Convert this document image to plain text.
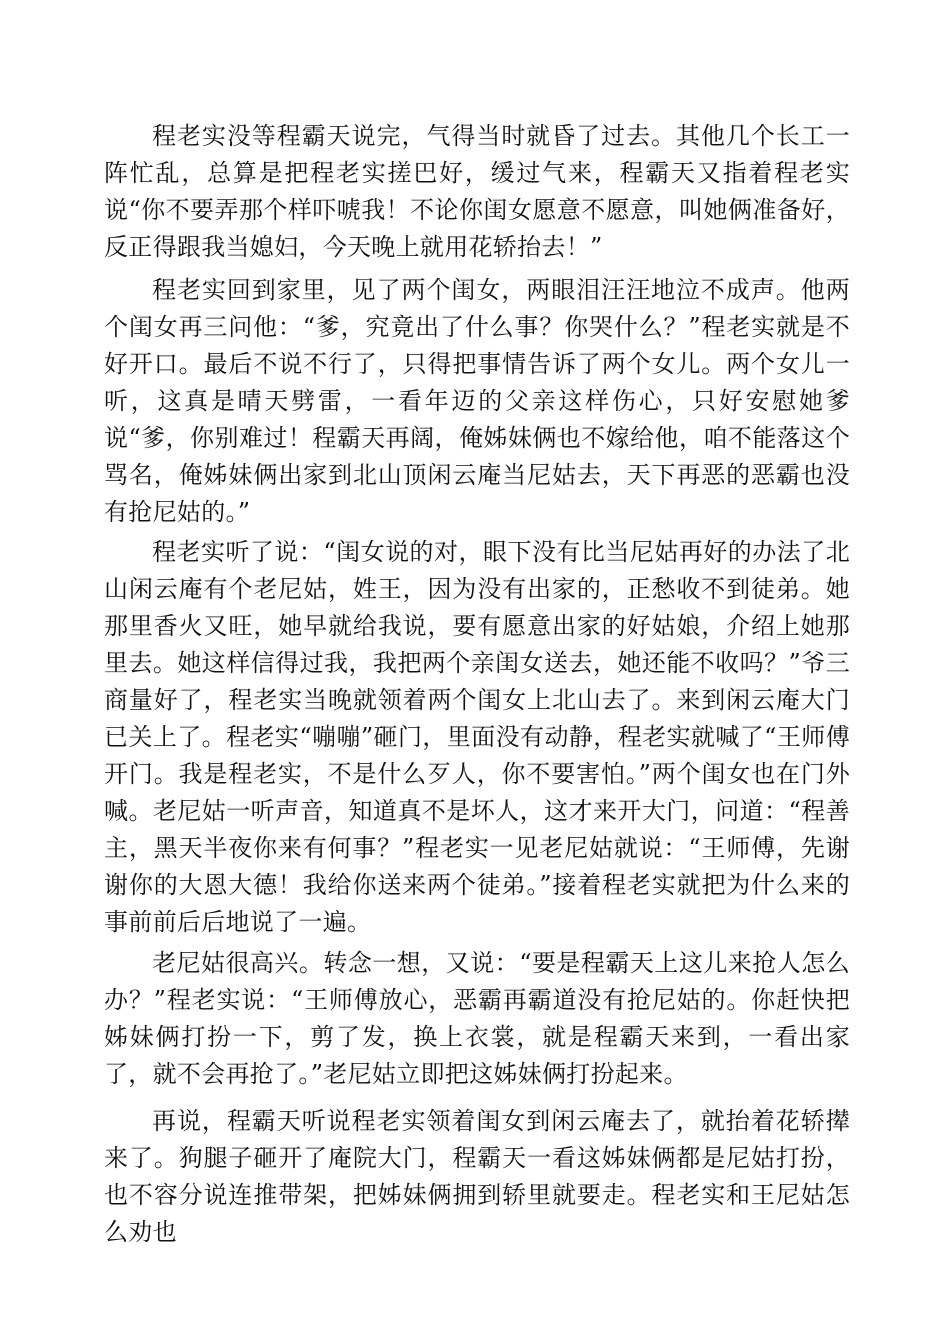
程老实没等程霸天说完，气得当时就昏了过去。其他几个长工一阵忙乱，总算是把程老实搓巴好，缓过气来，程霸天又指着程老实说“你不要弄那个样吓唬我！不论你闺女愿意不愿意，叫她俩准备好，反正得跟我当媳妇，今天晚上就用花轿抬去！”

程老实回到家里，见了两个闺女，两眼泪汪汪地泣不成声。他两个闺女再三问他：“爹，究竟出了什么事？你哭什么？”程老实就是不好开口。最后不说不行了，只得把事情告诉了两个女儿。两个女儿一听，这真是晴天劈雷，一看年迈的父亲这样伤心，只好安慰她爹说“爹，你别难过！程霸天再阔，俺姊妹俩也不嫁给他，咱不能落这个骂名，俺姊妹俩出家到北山顶闲云庵当尼姑去，天下再恶的恶霸也没有抢尼姑的。”

程老实听了说：“闺女说的对，眼下没有比当尼姑再好的办法了北山闲云庵有个老尼姑，姓王，因为没有出家的，正愁收不到徒弟。她那里香火又旺，她早就给我说，要有愿意出家的好姑娘，介绍上她那里去。她这样信得过我，我把两个亲闺女送去，她还能不收吗？”爷三商量好了，程老实当晚就领着两个闺女上北山去了。来到闲云庵大门已关上了。程老实“嘣嘣”砸门，里面没有动静，程老实就喊了“王师傅开门。我是程老实，不是什么歹人，你不要害怕。”两个闺女也在门外喊。老尼姑一听声音，知道真不是坏人，这才来开大门，问道：“程善主，黑天半夜你来有何事？”程老实一见老尼姑就说：“王师傅，先谢谢你的大恩大德！我给你送来两个徒弟。”接着程老实就把为什么来的事前前后后地说了一遍。

老尼姑很高兴。转念一想，又说：“要是程霸天上这儿来抢人怎么办？”程老实说：“王师傅放心，恶霸再霸道没有抢尼姑的。你赶快把姊妹俩打扮一下，剪了发，换上衣裳，就是程霸天来到，一看出家了，就不会再抢了。”老尼姑立即把这姊妹俩打扮起来。

再说，程霸天听说程老实领着闺女到闲云庵去了，就抬着花轿撵来了。狗腿子砸开了庵院大门，程霸天一看这姊妹俩都是尼姑打扮，也不容分说连推带架，把姊妹俩拥到轿里就要走。程老实和王尼姑怎么劝也
